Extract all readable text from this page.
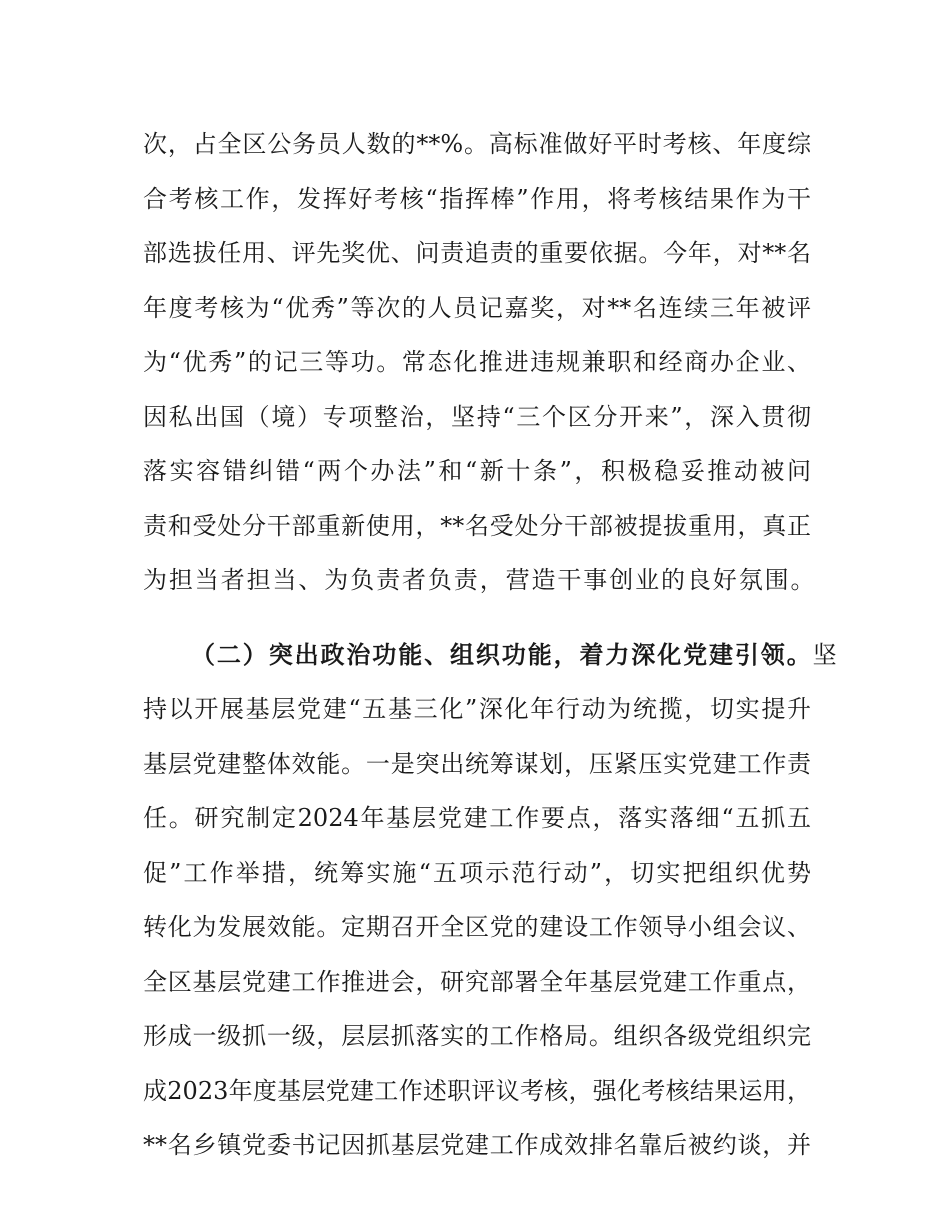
次，占全区公务员人数的**%。高标准做好平时考核、年度综
合考核工作，发挥好考核“指挥棒”作用，将考核结果作为干
部选拔任用、评先奖优、问责追责的重要依据。今年，对**名
年度考核为“优秀”等次的人员记嘉奖，对**名连续三年被评
为“优秀”的记三等功。常态化推进违规兼职和经商办企业、
因私出国（境）专项整治，坚持“三个区分开来”，深入贯彻
落实容错纠错“两个办法”和“新十条”，积极稳妥推动被问
责和受处分干部重新使用，**名受处分干部被提拔重用，真正
为担当者担当、为负责者负责，营造干事创业的良好氛围。
（二）突出政治功能、组织功能，着力深化党建引领。坚
持以开展基层党建“五基三化”深化年行动为统揽，切实提升
基层党建整体效能。一是突出统筹谋划，压紧压实党建工作责
任。研究制定2024年基层党建工作要点，落实落细“五抓五
促”工作举措，统筹实施“五项示范行动”，切实把组织优势
转化为发展效能。定期召开全区党的建设工作领导小组会议、
全区基层党建工作推进会，研究部署全年基层党建工作重点，
形成一级抓一级，层层抓落实的工作格局。组织各级党组织完
成2023年度基层党建工作述职评议考核，强化考核结果运用，
**名乡镇党委书记因抓基层党建工作成效排名靠后被约谈，并
